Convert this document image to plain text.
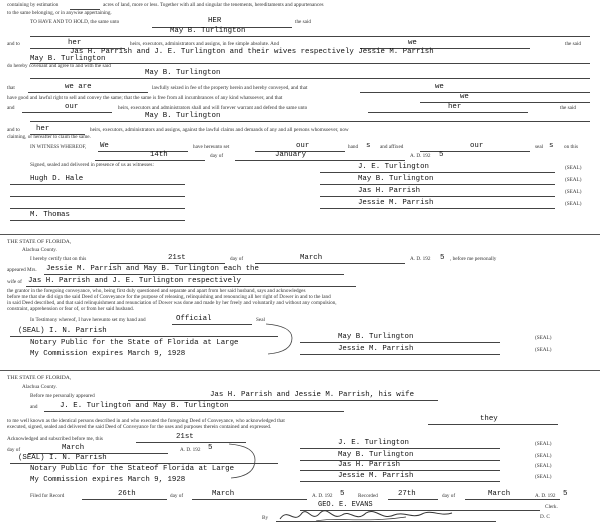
containing by estimation	acres of land, more or less. Together with all and singular the tenements, hereditaments and appurtenances
to the same belonging, or in anywise appertaining.
TO HAVE AND TO HOLD, the same unto	HER	the said
May B. Turlington
and to	her	heirs, executors, administrators and assigns, in fee simple absolute. And	we	the said
Jas H. Parrish and J. E. Turlington and their wives respectively Jessie M. Parrish
May B. Turlington
do hereby covenant and agree to and with the said
May B. Turlington
that	we are	lawfully seized in fee of the property herein and hereby conveyed, and that	we
have good and lawful right to sell and convey the same; that the same is free from all incumbrances of any kind whatsoever, and that	we
and	our	heirs, executors and administrators shall and will forever warrant and defend the same unto	her	the said
May B. Turlington
and to her	heirs, executors, administrators and assigns, against the lawful claims and demands of any and all persons whomsoever, now
claiming, or hereafter to claim the same.
IN WITNESS WHEREOF, We	have hereunto set	our	hand s and affixed	our	seal s on this
14th	day of	January	A. D. 192 5
Signed, sealed and delivered in presence of us as witnesses:
Hugh D. Hale
M. Thomas
J. E. Turlington	(SEAL)
May B. Turlington	(SEAL)
Jas H. Parrish	(SEAL)
Jessie M. Parrish	(SEAL)
THE STATE OF FLORIDA,
Alachua County.
I hereby certify that on this	21st	day of	March	A. D. 192 5 , before me personally
appeared Mrs. Jessie M. Parrish and May B. Turlington each the
wife of Jas H. Parrish and J. E. Turlington respectively
the grantor in the foregoing conveyance, who, being first duly questioned and separate and apart from her said husband, says and acknowledges
before me that she did sign the said Deed of Conveyance for the purpose of releasing, relinquishing and renouncing all her right of Dower in and to the land
in said Deed described, and that said relinquishment and renunciation of Dower was done and made by her freely and voluntarily and without any compulsion,
constraint, apprehension or fear of, or from her said husband.
In Testimony whereof, I have hereunto set my hand and	Official	Seal
(SEAL) I. N. Parrish
Notary Public for the State of Florida at Large
My Commission expires March 9, 1928
May B. Turlington	(SEAL)
Jessie M. Parrish	(SEAL)
THE STATE OF FLORIDA,
Alachua County.
Before me personally appeared	Jas H. Parrish and Jessie M. Parrish, his wife
and	J. E. Turlington and May B. Turlington
to me well known as the identical persons described in and who executed the foregoing Deed of Conveyance, who acknowledged that	they
executed, signed, sealed and delivered the said Deed of Conveyance for the uses and purposes therein contained and expressed.
Acknowledged and subscribed before me, this	21st
day of	March	A. D. 192 5
(SEAL) I. N. Parrish
Notary Public for the Stateof Florida at Large
My Commission expires March 9, 1928
J. E. Turlington	(SEAL)
May B. Turlington	(SEAL)
Jas H. Parrish	(SEAL)
Jessie M. Parrish	(SEAL)
Filed for Record	26th	day of	March	A. D. 192 5	Recorded	27th	day of	March	A. D. 192 5
GEO. E. EVANS	Clerk.
By	D. C
